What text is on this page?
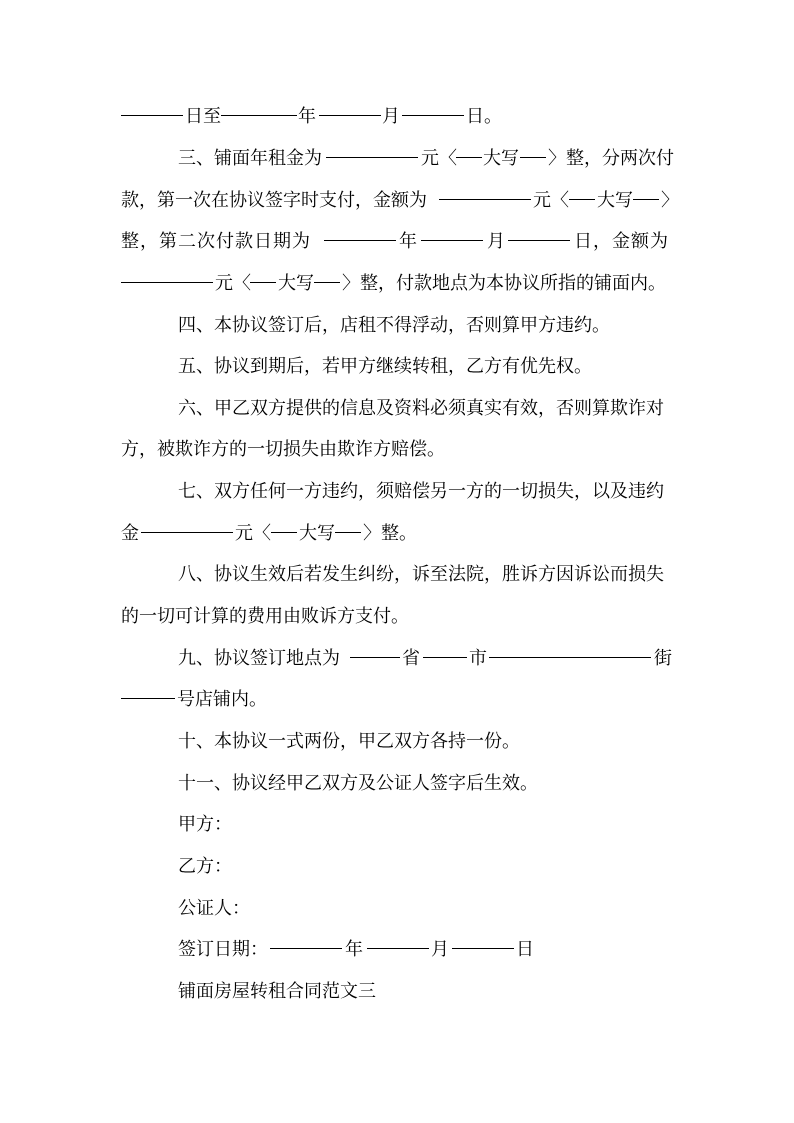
日至	年	月	日。
三、铺面年租金为	元〈 大写 〉整，分两次付
款，第一次在协议签字时支付，金额为	元〈 大写 〉
整，第二次付款日期为	年	月	日，金额为
元〈 大写 〉整，付款地点为本协议所指的铺面内。
四、本协议签订后，店租不得浮动，否则算甲方违约。
五、协议到期后，若甲方继续转租，乙方有优先权。
六、甲乙双方提供的信息及资料必须真实有效，否则算欺诈对
方，被欺诈方的一切损失由欺诈方赔偿。
七、双方任何一方违约，须赔偿另一方的一切损失，以及违约
金	元〈 大写 〉整。
八、协议生效后若发生纠纷，诉至法院，胜诉方因诉讼而损失
的一切可计算的费用由败诉方支付。
九、协议签订地点为	省	市	街
号店铺内。
十、本协议一式两份，甲乙双方各持一份。
十一、协议经甲乙双方及公证人签字后生效。
甲方：
乙方：
公证人：
签订日期：	年	月	日
铺面房屋转租合同范文三
